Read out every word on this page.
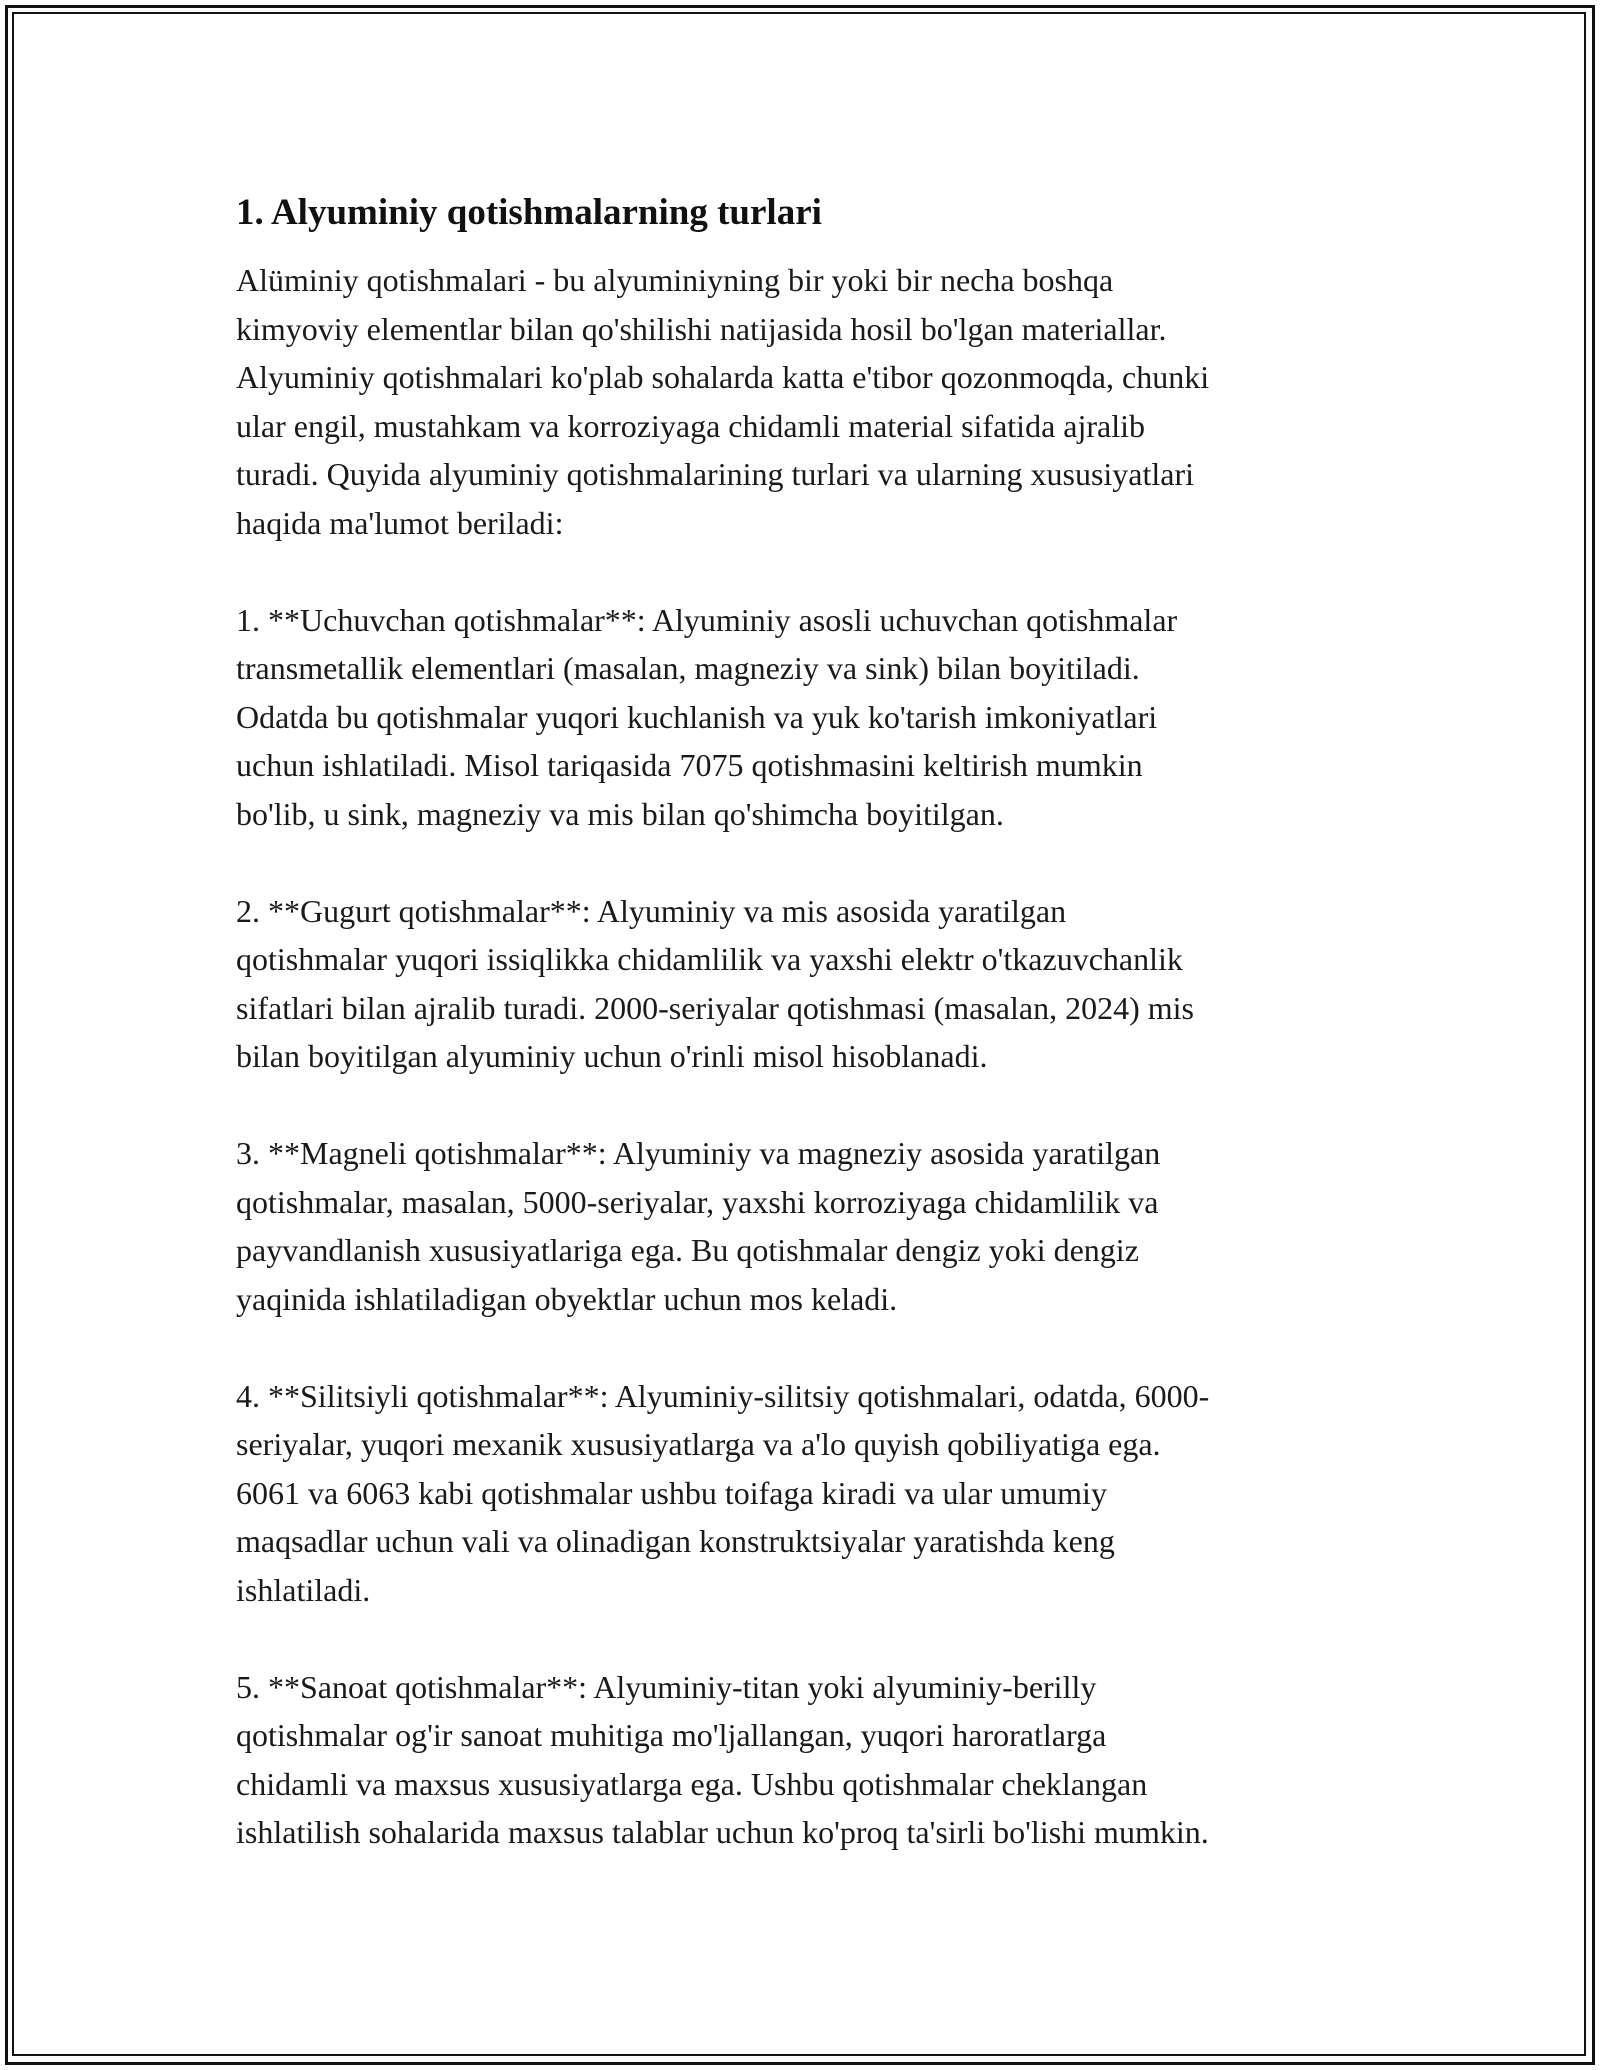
1. Alyuminiy qotishmalarning turlari

Alüminiy qotishmalari - bu alyuminiyning bir yoki bir necha boshqa
kimyoviy elementlar bilan qo'shilishi natijasida hosil bo'lgan materiallar.
Alyuminiy qotishmalari ko'plab sohalarda katta e'tibor qozonmoqda, chunki
ular engil, mustahkam va korroziyaga chidamli material sifatida ajralib
turadi. Quyida alyuminiy qotishmalarining turlari va ularning xususiyatlari
haqida ma'lumot beriladi:

1. **Uchuvchan qotishmalar**: Alyuminiy asosli uchuvchan qotishmalar
transmetallik elementlari (masalan, magneziy va sink) bilan boyitiladi.
Odatda bu qotishmalar yuqori kuchlanish va yuk ko'tarish imkoniyatlari
uchun ishlatiladi. Misol tariqasida 7075 qotishmasini keltirish mumkin
bo'lib, u sink, magneziy va mis bilan qo'shimcha boyitilgan.

2. **Gugurt qotishmalar**: Alyuminiy va mis asosida yaratilgan
qotishmalar yuqori issiqlikka chidamlilik va yaxshi elektr o'tkazuvchanlik
sifatlari bilan ajralib turadi. 2000-seriyalar qotishmasi (masalan, 2024) mis
bilan boyitilgan alyuminiy uchun o'rinli misol hisoblanadi.

3. **Magneli qotishmalar**: Alyuminiy va magneziy asosida yaratilgan
qotishmalar, masalan, 5000-seriyalar, yaxshi korroziyaga chidamlilik va
payvandlanish xususiyatlariga ega. Bu qotishmalar dengiz yoki dengiz
yaqinida ishlatiladigan obyektlar uchun mos keladi.

4. **Silitsiyli qotishmalar**: Alyuminiy-silitsiy qotishmalari, odatda, 6000-
seriyalar, yuqori mexanik xususiyatlarga va a'lo quyish qobiliyatiga ega.
6061 va 6063 kabi qotishmalar ushbu toifaga kiradi va ular umumiy
maqsadlar uchun vali va olinadigan konstruktsiyalar yaratishda keng
ishlatiladi.

5. **Sanoat qotishmalar**: Alyuminiy-titan yoki alyuminiy-berilly
qotishmalar og'ir sanoat muhitiga mo'ljallangan, yuqori haroratlarga
chidamli va maxsus xususiyatlarga ega. Ushbu qotishmalar cheklangan
ishlatilish sohalarida maxsus talablar uchun ko'proq ta'sirli bo'lishi mumkin.
